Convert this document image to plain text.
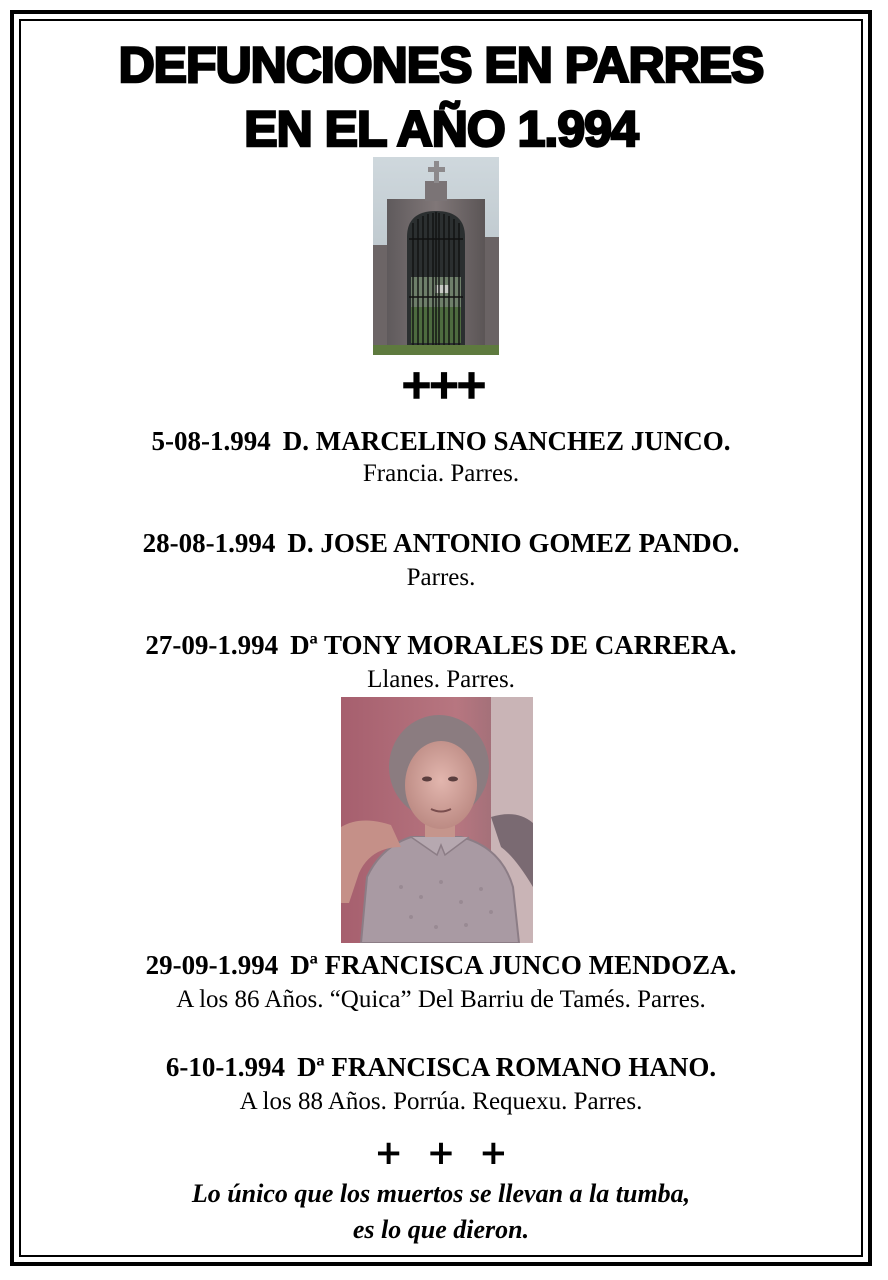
DEFUNCIONES EN PARRES
EN EL AÑO 1.994
+++
5-08-1.994 D. MARCELINO SANCHEZ JUNCO.
Francia. Parres.
28-08-1.994 D. JOSE ANTONIO GOMEZ PANDO.
Parres.
27-09-1.994 Dª TONY MORALES DE CARRERA.
Llanes. Parres.
29-09-1.994 Dª FRANCISCA JUNCO MENDOZA.
A los 86 Años. “Quica” Del Barriu de Tamés. Parres.
6-10-1.994 Dª FRANCISCA ROMANO HANO.
A los 88 Años. Porrúa. Requexu. Parres.
+ + +
Lo único que los muertos se llevan a la tumba,
es lo que dieron.
